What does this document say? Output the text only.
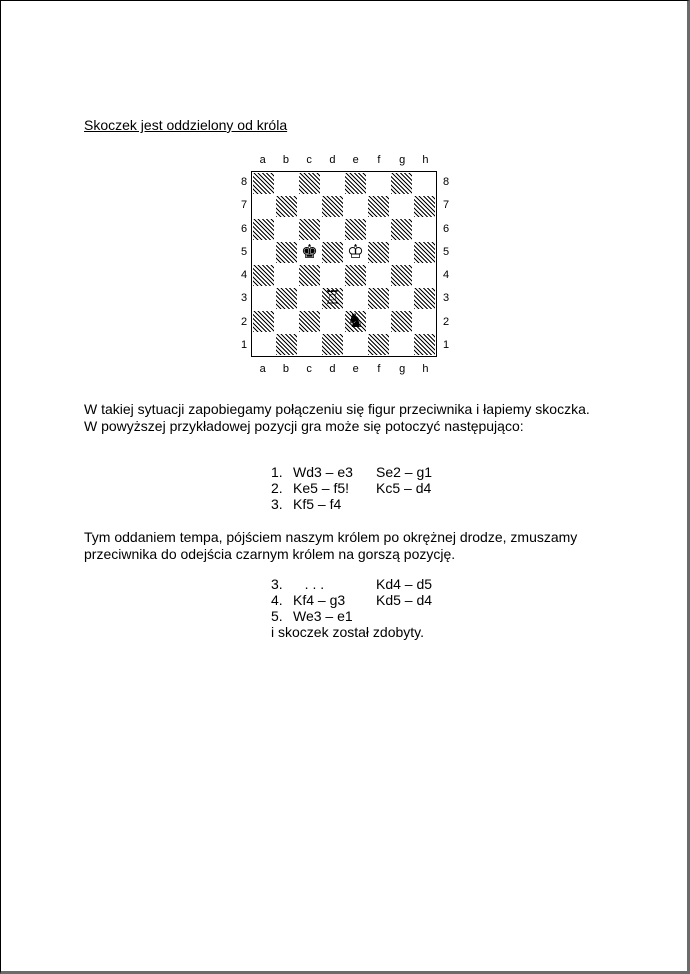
Skoczek jest oddzielony od króla
a	b	c	d	e	f	g	h
8
7
6
5
4
3
2
1
♚ ♔
♖
♞
8
7
6
5
4
3
2
1
a	b	c	d	e	f	g	h
W takiej sytuacji zapobiegamy połączeniu się figur przeciwnika i łapiemy skoczka.
W powyższej przykładowej pozycji gra może się potoczyć następująco:
1. Wd3 – e3	Se2 – g1
2. Ke5 – f5!	Kc5 – d4
3. Kf5 – f4
Tym oddaniem tempa, pójściem naszym królem po okrężnej drodze, zmuszamy
przeciwnika do odejścia czarnym królem na gorszą pozycję.
3. . . .	Kd4 – d5
4. Kf4 – g3	Kd5 – d4
5. We3 – e1
i skoczek został zdobyty.
